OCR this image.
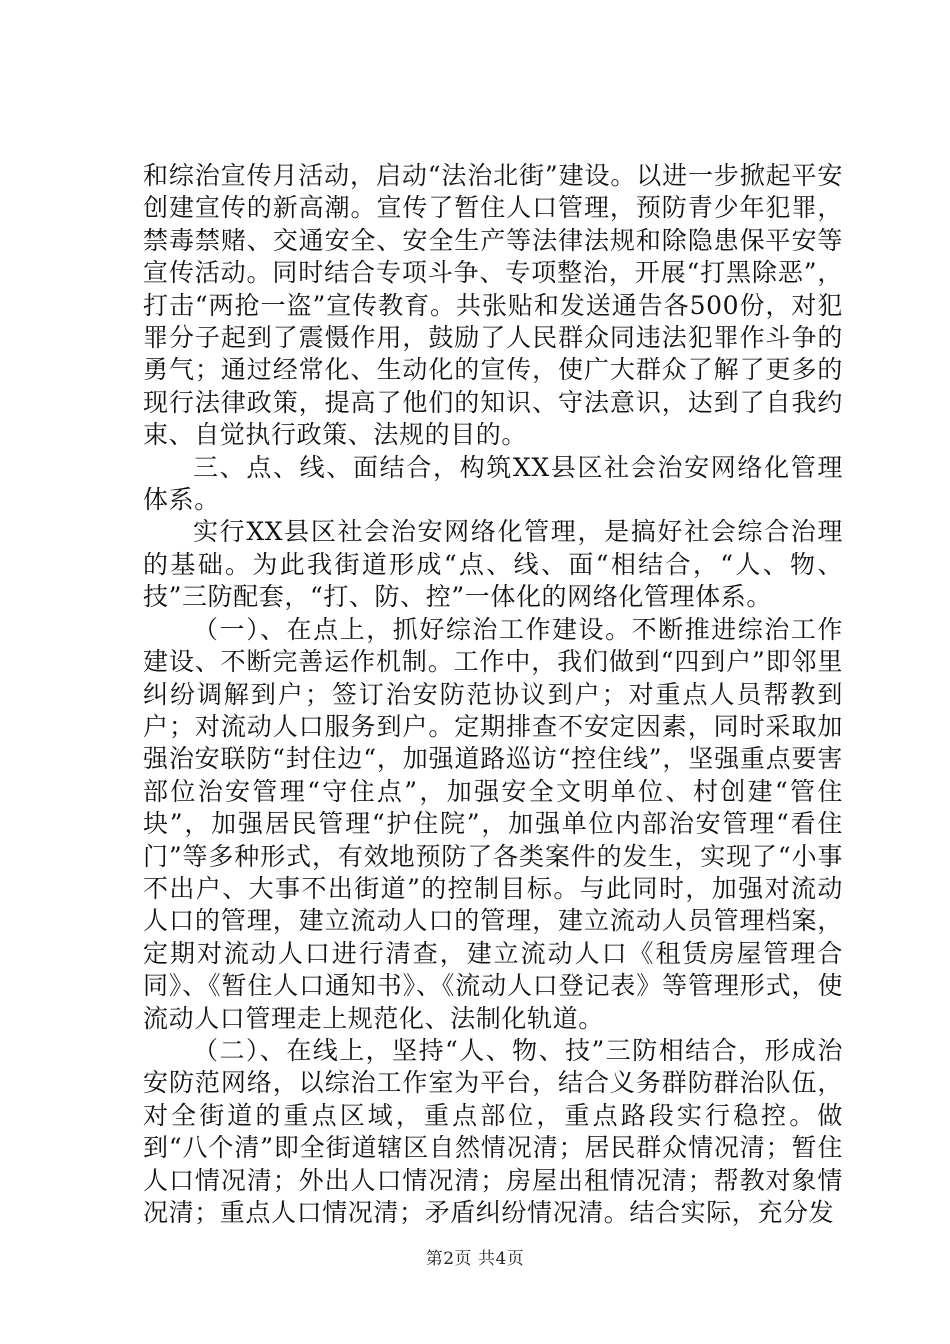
和综治宣传月活动，启动“法治北街”建设。以进一步掀起平安创建宣传的新高潮。宣传了暂住人口管理，预防青少年犯罪，禁毒禁赌、交通安全、安全生产等法律法规和除隐患保平安等宣传活动。同时结合专项斗争、专项整治，开展“打黑除恶”，打击“两抢一盗”宣传教育。共张贴和发送通告各500份，对犯罪分子起到了震慑作用，鼓励了人民群众同违法犯罪作斗争的勇气；通过经常化、生动化的宣传，使广大群众了解了更多的现行法律政策，提高了他们的知识、守法意识，达到了自我约束、自觉执行政策、法规的目的。

三、点、线、面结合，构筑XX县区社会治安网络化管理体系。

实行XX县区社会治安网络化管理，是搞好社会综合治理的基础。为此我街道形成“点、线、面“相结合，“人、物、技”三防配套，“打、防、控”一体化的网络化管理体系。

（一）、在点上，抓好综治工作建设。不断推进综治工作建设、不断完善运作机制。工作中，我们做到“四到户”即邻里纠纷调解到户；签订治安防范协议到户；对重点人员帮教到户；对流动人口服务到户。定期排查不安定因素，同时采取加强治安联防“封住边“，加强道路巡访“控住线”，坚强重点要害部位治安管理“守住点”，加强安全文明单位、村创建“管住块”，加强居民管理“护住院”，加强单位内部治安管理“看住门”等多种形式，有效地预防了各类案件的发生，实现了“小事不出户、大事不出街道”的控制目标。与此同时，加强对流动人口的管理，建立流动人口的管理，建立流动人员管理档案，定期对流动人口进行清查，建立流动人口《租赁房屋管理合同》、《暂住人口通知书》、《流动人口登记表》等管理形式，使流动人口管理走上规范化、法制化轨道。

（二）、在线上，坚持“人、物、技”三防相结合，形成治安防范网络，以综治工作室为平台，结合义务群防群治队伍，对全街道的重点区域，重点部位，重点路段实行稳控。做到“八个清”即全街道辖区自然情况清；居民群众情况清；暂住人口情况清；外出人口情况清；房屋出租情况清；帮教对象情况清；重点人口情况清；矛盾纠纷情况清。结合实际，充分发

第2页 共4页
